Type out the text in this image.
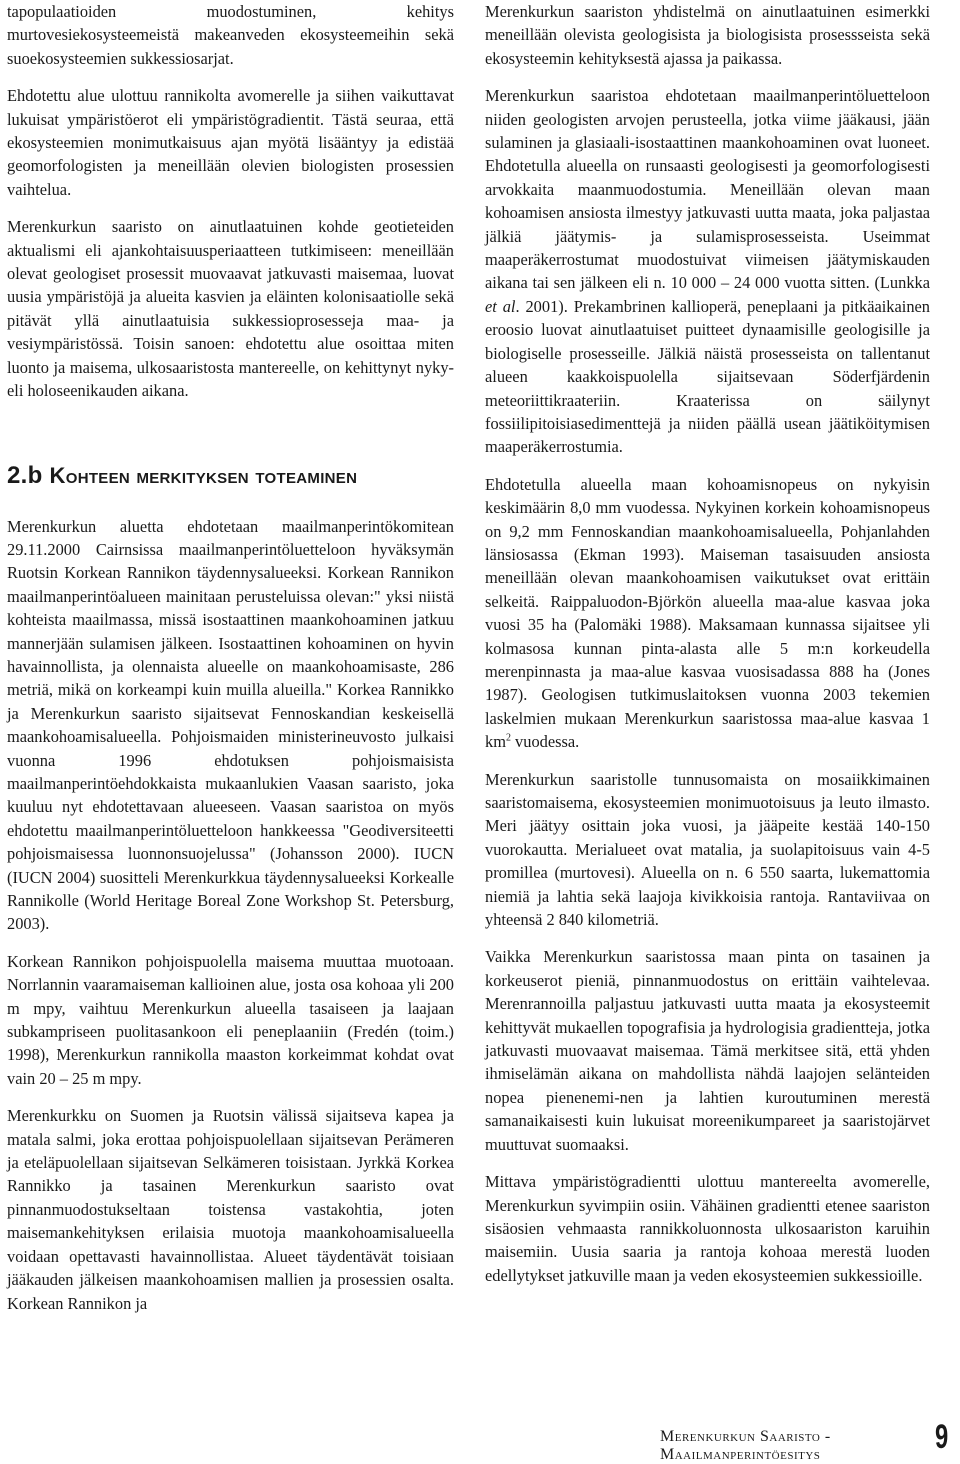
tapopulaatioiden muodostuminen, kehitys murtovesiekosysteemeistä makeanveden ekosysteemeihin sekä suoekosysteemien sukkessiosarjat.

Ehdotettu alue ulottuu rannikolta avomerelle ja siihen vaikuttavat lukuisat ympäristöerot eli ympäristögradientit. Tästä seuraa, että ekosysteemien monimutkaisuus ajan myötä lisääntyy ja edistää geomorfologisten ja meneillään olevien biologisten prosessien vaihtelua.

Merenkurkun saaristo on ainutlaatuinen kohde geotieteiden aktualismi eli ajankohtaisuusperiaatteen tutkimiseen: meneillään olevat geologiset prosessit muovaavat jatkuvasti maisemaa, luovat uusia ympäristöjä ja alueita kasvien ja eläinten kolonisaatiolle sekä pitävät yllä ainutlaatuisia sukkessioprosesseja maa- ja vesiympäristössä. Toisin sanoen: ehdotettu alue osoittaa miten luonto ja maisema, ulkosaaristosta mantereelle, on kehittynyt nyky- eli holoseenikauden aikana.

2.b Kohteen merkityksen toteaminen

Merenkurkun aluetta ehdotetaan maailmanperintökomitean 29.11.2000 Cairnsissa maailmanperintöluetteloon hyväksymän Ruotsin Korkean Rannikon täydennysalueeksi. Korkean Rannikon maailmanperintöalueen mainitaan perusteluissa olevan:" yksi niistä kohteista maailmassa, missä isostaattinen maankohoaminen jatkuu mannerjään sulamisen jälkeen. Isostaattinen kohoaminen on hyvin havainnollista, ja olennaista alueelle on maankohoamisaste, 286 metriä, mikä on korkeampi kuin muilla alueilla." Korkea Rannikko ja Merenkurkun saaristo sijaitsevat Fennoskandian keskeisellä maankohoamisalueella. Pohjoismaiden ministerineuvosto julkaisi vuonna 1996 ehdotuksen pohjoismaisista maailmanperintöehdokkaista mukaanlukien Vaasan saaristo, joka kuuluu nyt ehdotettavaan alueeseen. Vaasan saaristoa on myös ehdotettu maailmanperintöluetteloon hankkeessa "Geodiversiteetti pohjoismaisessa luonnonsuojelussa" (Johansson 2000). IUCN (IUCN 2004) suositteli Merenkurkkua täydennysalueeksi Korkealle Rannikolle (World Heritage Boreal Zone Workshop St. Petersburg, 2003).

Korkean Rannikon pohjoispuolella maisema muuttaa muotoaan. Norrlannin vaaramaiseman kallioinen alue, josta osa kohoaa yli 200 m mpy, vaihtuu Merenkurkun alueella tasaiseen ja laajaan subkampriseen puolitasankoon eli peneplaaniin (Fredén (toim.) 1998), Merenkurkun rannikolla maaston korkeimmat kohdat ovat vain 20 – 25 m mpy.

Merenkurkku on Suomen ja Ruotsin välissä sijaitseva kapea ja matala salmi, joka erottaa pohjoispuolellaan sijaitsevan Perämeren ja eteläpuolellaan sijaitsevan Selkämeren toisistaan. Jyrkkä Korkea Rannikko ja tasainen Merenkurkun saaristo ovat pinnanmuodostukseltaan toistensa vastakohtia, joten maisemankehityksen erilaisia muotoja maankohoamisalueella voidaan opettavasti havainnollistaa. Alueet täydentävät toisiaan jääkauden jälkeisen maankohoamisen mallien ja prosessien osalta. Korkean Rannikon ja

Merenkurkun saariston yhdistelmä on ainutlaatuinen esimerkki meneillään olevista geologisista ja biologisista prosessseista sekä ekosysteemin kehityksestä ajassa ja paikassa.

Merenkurkun saaristoa ehdotetaan maailmanperintöluetteloon niiden geologisten arvojen perusteella, jotka viime jääkausi, jään sulaminen ja glasiaali-isostaattinen maankohoaminen ovat luoneet. Ehdotetulla alueella on runsaasti geologisesti ja geomorfologisesti arvokkaita maanmuodostumia. Meneillään olevan maan kohoamisen ansiosta ilmestyy jatkuvasti uutta maata, joka paljastaa jälkiä jäätymis- ja sulamisprosesseista. Useimmat maaperäkerrostumat muodostuivat viimeisen jäätymiskauden aikana tai sen jälkeen eli n. 10 000 – 24 000 vuotta sitten. (Lunkka et al. 2001). Prekambrinen kallioperä, peneplaani ja pitkäaikainen eroosio luovat ainutlaatuiset puitteet dynaamisille geologisille ja biologiselle prosesseille. Jälkiä näistä prosesseista on tallentanut alueen kaakkoispuolella sijaitsevaan Söderfjärdenin meteoriittikraateriin. Kraaterissa on säilynyt fossiilipitoisiasedimenttejä ja niiden päällä usean jäätiköitymisen maaperäkerrostumia.

Ehdotetulla alueella maan kohoamisnopeus on nykyisin keskimäärin 8,0 mm vuodessa. Nykyinen korkein kohoamisnopeus on 9,2 mm Fennoskandian maankohoamisalueella, Pohjanlahden länsiosassa (Ekman 1993). Maiseman tasaisuuden ansiosta meneillään olevan maankohoamisen vaikutukset ovat erittäin selkeitä. Raippaluodon-Björkön alueella maa-alue kasvaa joka vuosi 35 ha (Palomäki 1988). Maksamaan kunnassa sijaitsee yli kolmasosa kunnan pinta-alasta alle 5 m:n korkeudella merenpinnasta ja maa-alue kasvaa vuosisadassa 888 ha (Jones 1987). Geologisen tutkimuslaitoksen vuonna 2003 tekemien laskelmien mukaan Merenkurkun saaristossa maa-alue kasvaa 1 $km^2$ vuodessa.

Merenkurkun saaristolle tunnusomaista on mosaiikkimainen saaristomaisema, ekosysteemien monimuotoisuus ja leuto ilmasto. Meri jäätyy osittain joka vuosi, ja jääpeite kestää 140-150 vuorokautta. Merialueet ovat matalia, ja suolapitoisuus vain 4-5 promillea (murtovesi). Alueella on n. 6 550 saarta, lukemattomia niemiä ja lahtia sekä laajoja kivikkoisia rantoja. Rantaviivaa on yhteensä 2 840 kilometriä.

Vaikka Merenkurkun saaristossa maan pinta on tasainen ja korkeuserot pieniä, pinnanmuodostus on erittäin vaihtelevaa. Merenrannoilla paljastuu jatkuvasti uutta maata ja ekosysteemit kehittyvät mukaellen topografisia ja hydrologisia gradientteja, jotka jatkuvasti muovaavat maisemaa. Tämä merkitsee sitä, että yhden ihmiselämän aikana on mahdollista nähdä laajojen selänteiden nopea pienenemi-nen ja lahtien kuroutuminen merestä samanaikaisesti kuin lukuisat moreenikumpareet ja saaristojärvet muuttuvat suomaaksi.

Mittava ympäristögradientti ulottuu mantereelta avomerelle, Merenkurkun syvimpiin osiin. Vähäinen gradientti etenee saariston sisäosien vehmaasta rannikkoluonnosta ulkosaariston karuihin maisemiin. Uusia saaria ja rantoja kohoaa merestä luoden edellytykset jatkuville maan ja veden ekosysteemien sukkessioille.

Merenkurkun Saaristo -Maailmanperintöesitys	9
